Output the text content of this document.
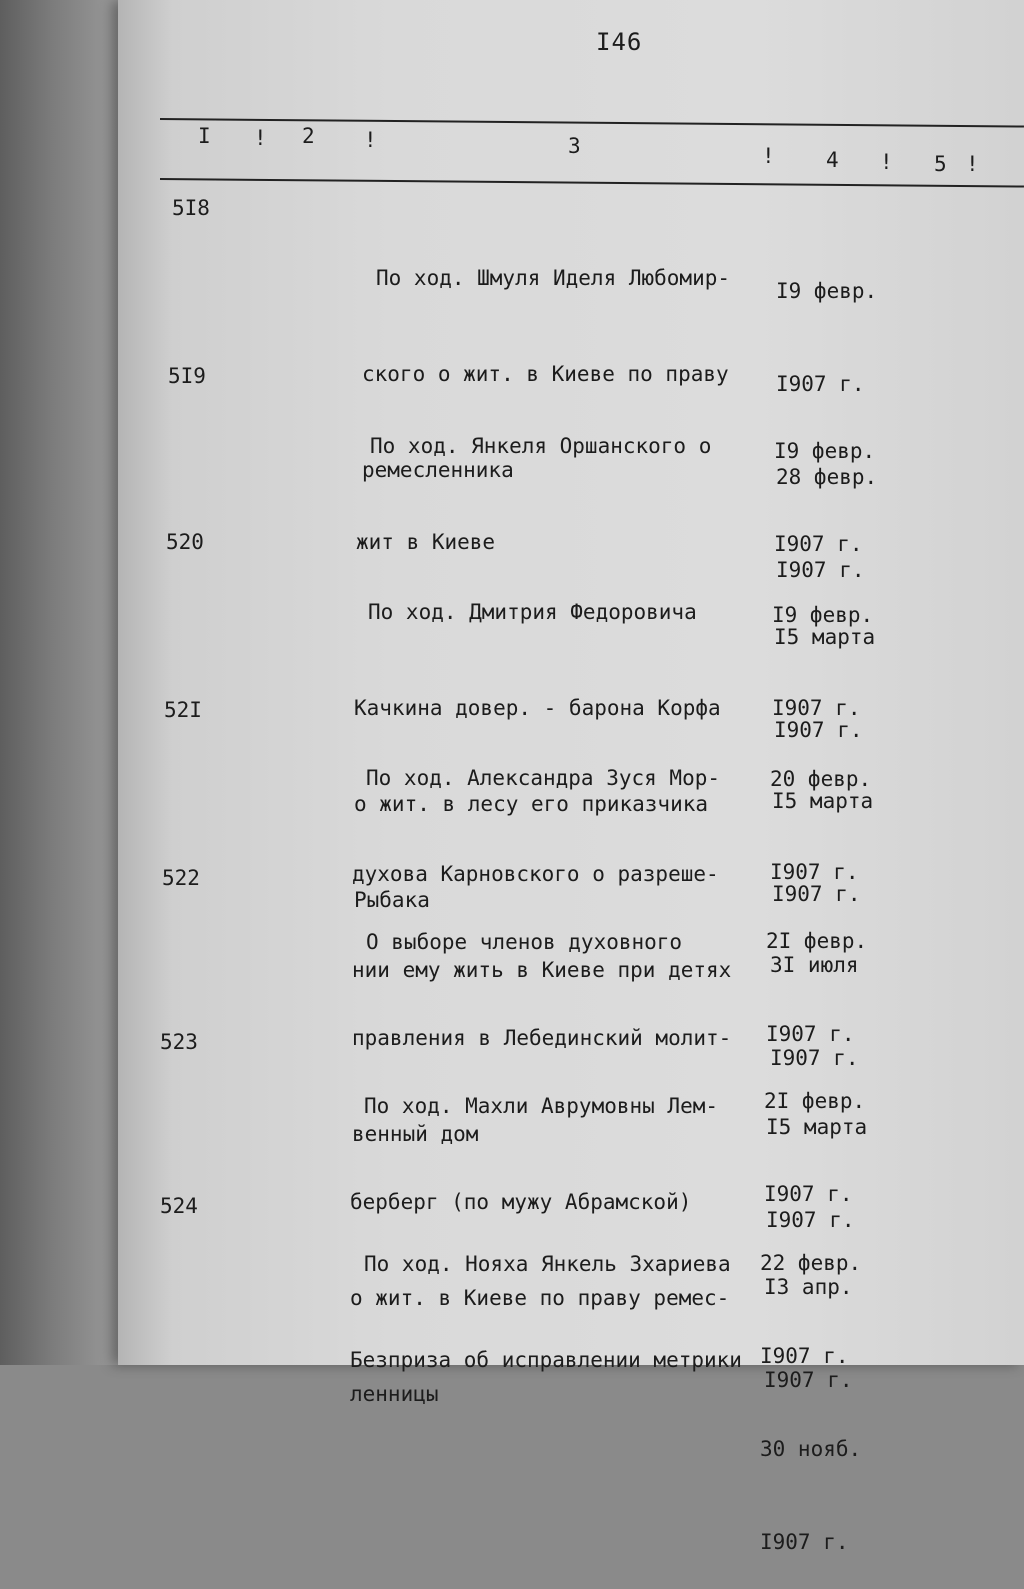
I46
I ! 2 !	3	! 4 ! 5 !
5I8

По ход. Шмуля Иделя Любомир-

ского о жит. в Киеве по праву

ремесленника

I9 февр.

I907 г.

28 февр.

I907 г.

5I9

По ход. Янкеля Оршанского о

жит в Киеве

I9 февр.

I907 г.

I5 марта

I907 г.

520

По ход. Дмитрия Федоровича

Качкина довер. - барона Корфа

о жит. в лесу его приказчика

Рыбака

I9 февр.

I907 г.

I5 марта

I907 г.

52I

По ход. Александра Зуся Мор-

духова Карновского о разреше-

нии ему жить в Киеве при детях

20 февр.

I907 г.

3I июля

I907 г.

522

О выборе членов духовного

правления в Лебединский молит-

венный дом

2I февр.

I907 г.

I5 марта

I907 г.

523

По ход. Махли Аврумовны Лем-

берберг (по мужу Абрамской)

о жит. в Киеве по праву ремес-

ленницы

2I февр.

I907 г.

I3 апр.

I907 г.

524

По ход. Нояха Янкель Зхариева

Безприза об исправлении метрики

22 февр.

I907 г.

30 нояб.

I907 г.
